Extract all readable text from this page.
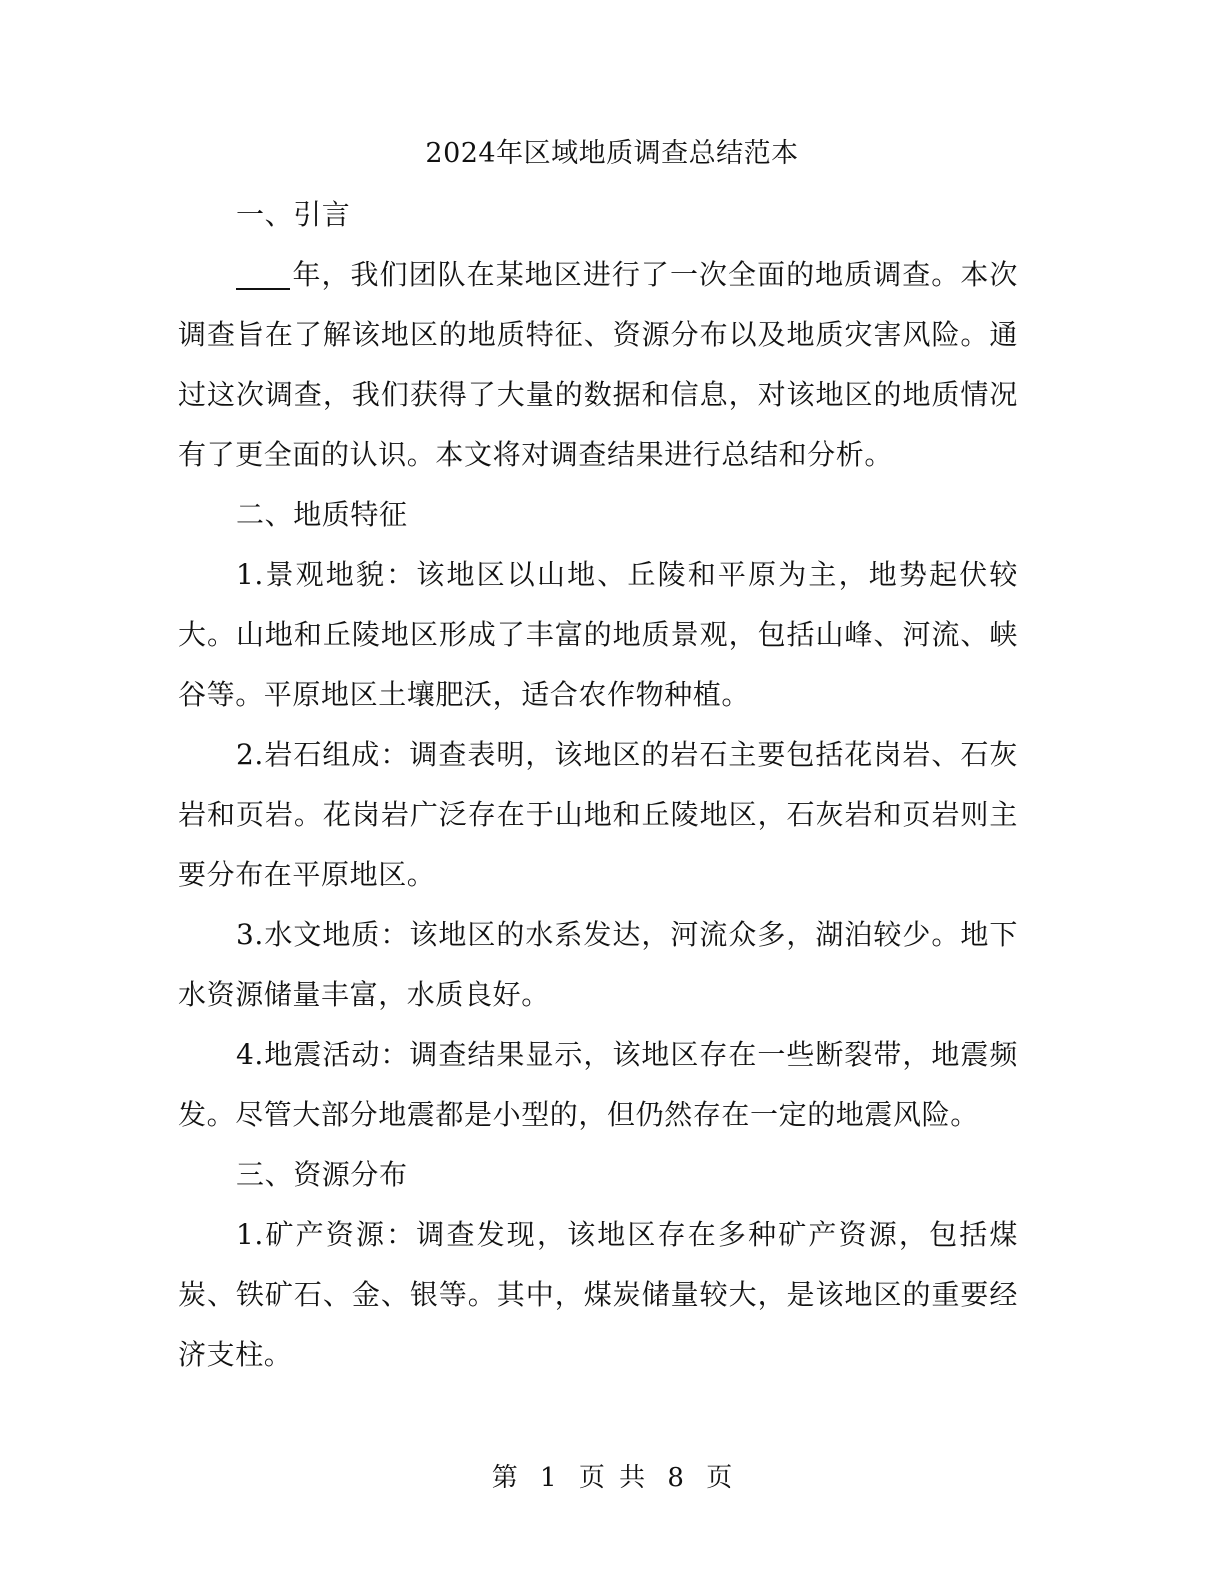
2024年区域地质调查总结范本

一、引言

年，我们团队在某地区进行了一次全面的地质调查。本次调查旨在了解该地区的地质特征、资源分布以及地质灾害风险。通过这次调查，我们获得了大量的数据和信息，对该地区的地质情况有了更全面的认识。本文将对调查结果进行总结和分析。

二、地质特征

1.景观地貌：该地区以山地、丘陵和平原为主，地势起伏较大。山地和丘陵地区形成了丰富的地质景观，包括山峰、河流、峡谷等。平原地区土壤肥沃，适合农作物种植。

2.岩石组成：调查表明，该地区的岩石主要包括花岗岩、石灰岩和页岩。花岗岩广泛存在于山地和丘陵地区，石灰岩和页岩则主要分布在平原地区。

3.水文地质：该地区的水系发达，河流众多，湖泊较少。地下水资源储量丰富，水质良好。

4.地震活动：调查结果显示，该地区存在一些断裂带，地震频发。尽管大部分地震都是小型的，但仍然存在一定的地震风险。

三、资源分布

1.矿产资源：调查发现，该地区存在多种矿产资源，包括煤炭、铁矿石、金、银等。其中，煤炭储量较大，是该地区的重要经济支柱。

第 1 页 共 8 页
